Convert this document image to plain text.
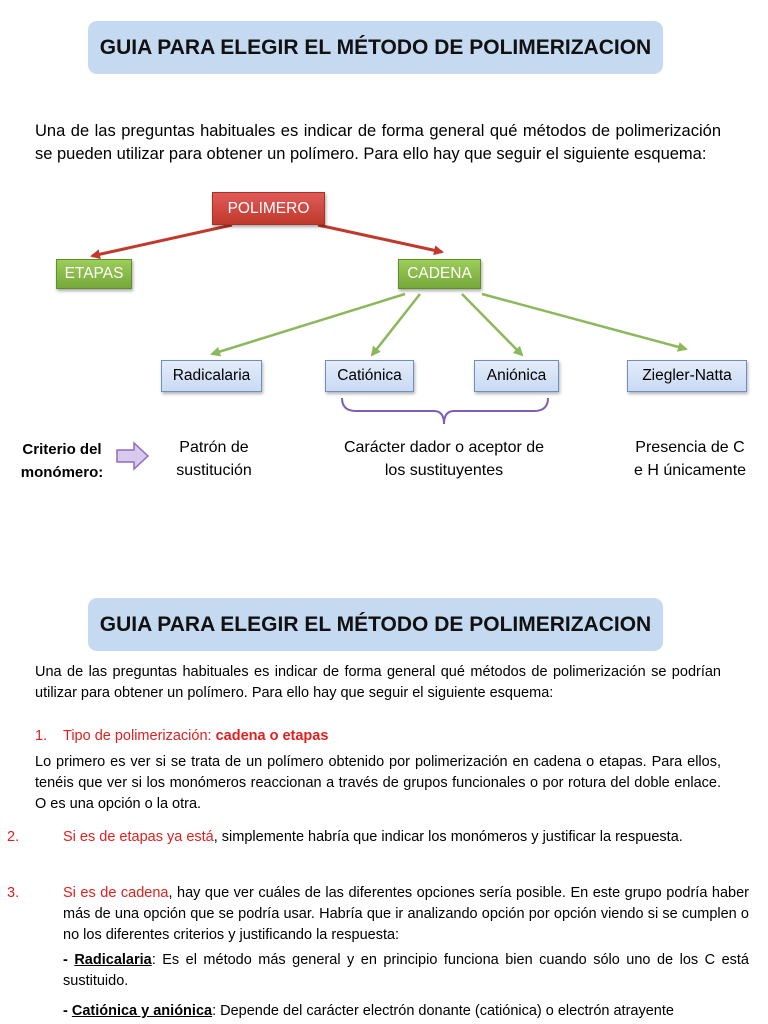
GUIA PARA ELEGIR EL MÉTODO DE POLIMERIZACION

Una de las preguntas habituales es indicar de forma general qué métodos de polimerización se pueden utilizar para obtener un polímero. Para ello hay que seguir el siguiente esquema:

POLIMERO
ETAPAS	CADENA
Radicalaria	Catiónica	Aniónica	Ziegler-Natta
Criterio del
monómero:
Patrón de
sustitución
Carácter dador o aceptor de
los sustituyentes
Presencia de C
e H únicamente
GUIA PARA ELEGIR EL MÉTODO DE POLIMERIZACION

Una de las preguntas habituales es indicar de forma general qué métodos de polimerización se podrían utilizar para obtener un polímero. Para ello hay que seguir el siguiente esquema:

1. Tipo de polimerización: cadena o etapas

Lo primero es ver si se trata de un polímero obtenido por polimerización en cadena o etapas. Para ellos, tenéis que ver si los monómeros reaccionan a través de grupos funcionales o por rotura del doble enlace. O es una opción o la otra.

2.	Si es de etapas ya está, simplemente habría que indicar los monómeros y justificar la respuesta.

3.	Si es de cadena, hay que ver cuáles de las diferentes opciones sería posible. En este grupo podría haber más de una opción que se podría usar. Habría que ir analizando opción por opción viendo si se cumplen o no los diferentes criterios y justificando la respuesta:

- Radicalaria: Es el método más general y en principio funciona bien cuando sólo uno de los C está sustituido.

- Catiónica y aniónica: Depende del carácter electrón donante (catiónica) o electrón atrayente
